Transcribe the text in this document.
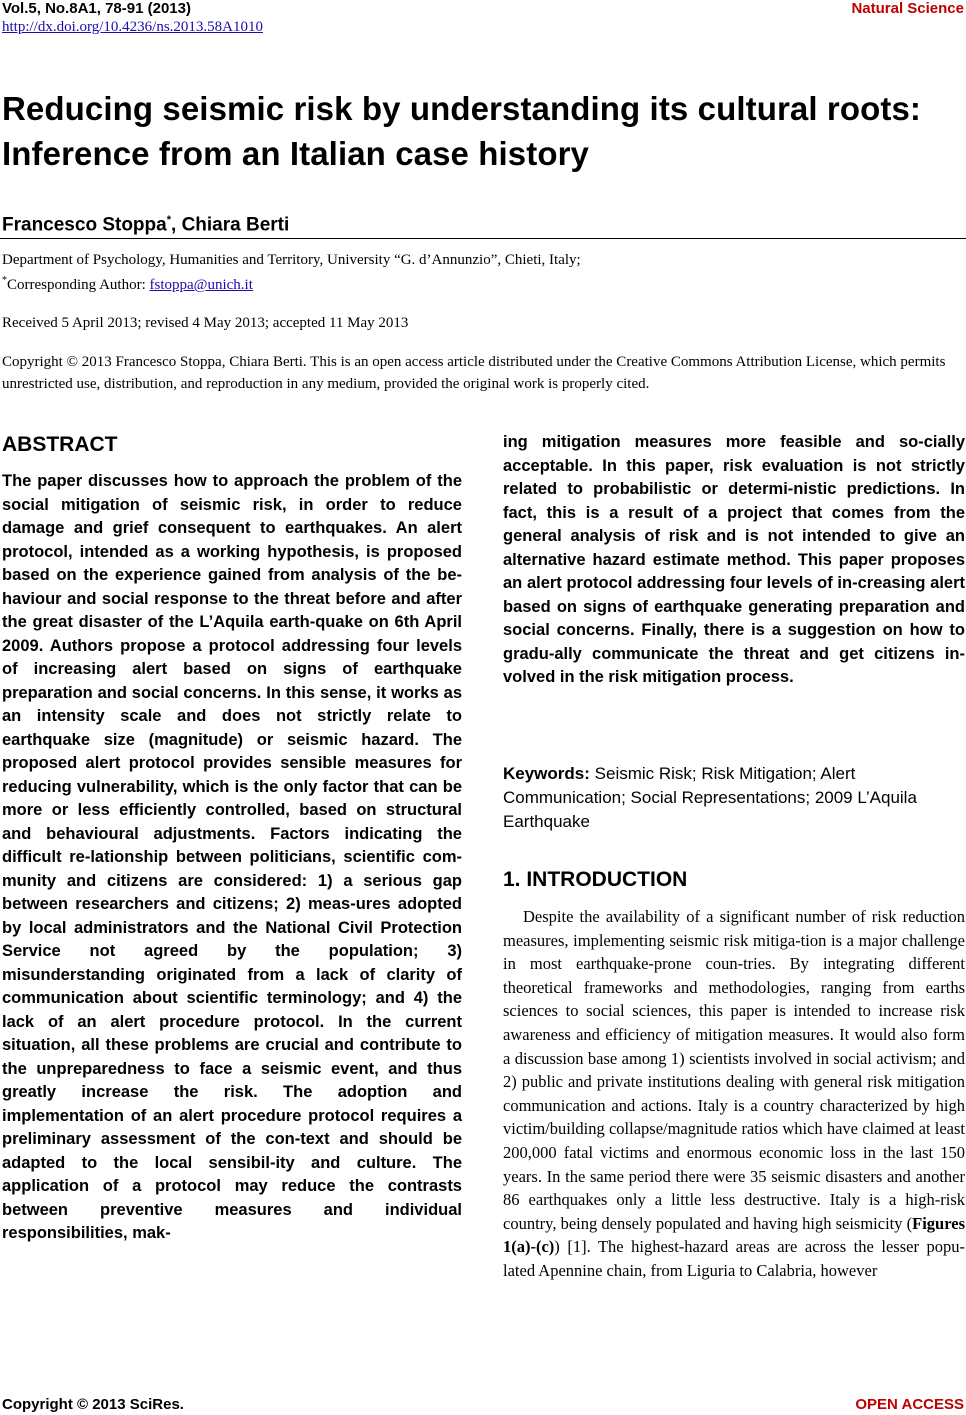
Vol.5, No.8A1, 78-91 (2013)
http://dx.doi.org/10.4236/ns.2013.58A1010
Natural Science
Reducing seismic risk by understanding its cultural roots: Inference from an Italian case history
Francesco Stoppa*, Chiara Berti
Department of Psychology, Humanities and Territory, University “G. d’Annunzio”, Chieti, Italy;
*Corresponding Author: fstoppa@unich.it
Received 5 April 2013; revised 4 May 2013; accepted 11 May 2013
Copyright © 2013 Francesco Stoppa, Chiara Berti. This is an open access article distributed under the Creative Commons Attribution License, which permits unrestricted use, distribution, and reproduction in any medium, provided the original work is properly cited.
ABSTRACT

The paper discusses how to approach the problem of the social mitigation of seismic risk, in order to reduce damage and grief consequent to earthquakes. An alert protocol, intended as a working hypothesis, is proposed based on the experience gained from analysis of the be-haviour and social response to the threat before and after the great disaster of the L’Aquila earth-quake on 6th April 2009. Authors propose a protocol addressing four levels of increasing alert based on signs of earthquake preparation and social concerns. In this sense, it works as an intensity scale and does not strictly relate to earthquake size (magnitude) or seismic hazard. The proposed alert protocol provides sensible measures for reducing vulnerability, which is the only factor that can be more or less efficiently controlled, based on structural and behavioural adjustments. Factors indicating the difficult re-lationship between politicians, scientific com-munity and citizens are considered: 1) a serious gap between researchers and citizens; 2) meas-ures adopted by local administrators and the National Civil Protection Service not agreed by the population; 3) misunderstanding originated from a lack of clarity of communication about scientific terminology; and 4) the lack of an alert procedure protocol. In the current situation, all these problems are crucial and contribute to the unpreparedness to face a seismic event, and thus greatly increase the risk. The adoption and implementation of an alert procedure protocol requires a preliminary assessment of the con-text and should be adapted to the local sensibil-ity and culture. The application of a protocol may reduce the contrasts between preventive measures and individual responsibilities, mak-

ing mitigation measures more feasible and so-cially acceptable. In this paper, risk evaluation is not strictly related to probabilistic or determi-nistic predictions. In fact, this is a result of a project that comes from the general analysis of risk and is not intended to give an alternative hazard estimate method. This paper proposes an alert protocol addressing four levels of in-creasing alert based on signs of earthquake generating preparation and social concerns. Finally, there is a suggestion on how to gradu-ally communicate the threat and get citizens in-volved in the risk mitigation process.

Keywords: Seismic Risk; Risk Mitigation; Alert Communication; Social Representations; 2009 L’Aquila Earthquake

1. INTRODUCTION

Despite the availability of a significant number of risk reduction measures, implementing seismic risk mitiga-tion is a major challenge in most earthquake-prone coun-tries. By integrating different theoretical frameworks and methodologies, ranging from earths sciences to social sciences, this paper is intended to increase risk awareness and efficiency of mitigation measures. It would also form a discussion base among 1) scientists involved in social activism; and 2) public and private institutions dealing with general risk mitigation communication and actions. Italy is a country characterized by high victim/building collapse/magnitude ratios which have claimed at least 200,000 fatal victims and enormous economic loss in the last 150 years. In the same period there were 35 seismic disasters and another 86 earthquakes only a little less destructive. Italy is a high-risk country, being densely populated and having high seismicity (Figures 1(a)-(c)) [1]. The highest-hazard areas are across the lesser popu-lated Apennine chain, from Liguria to Calabria, however

Copyright © 2013 SciRes.	OPEN ACCESS
